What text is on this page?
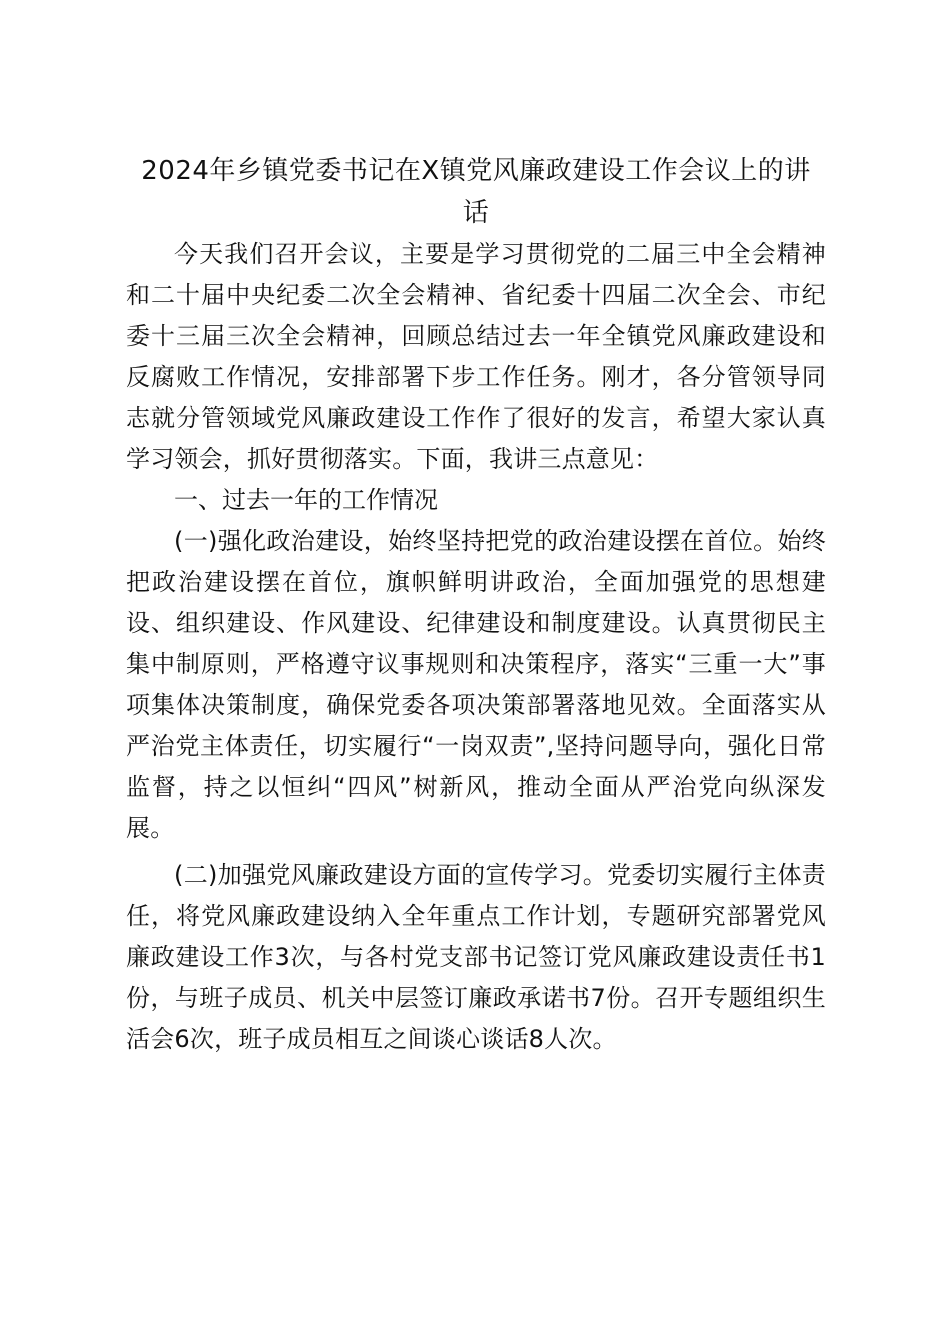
2024年乡镇党委书记在X镇党风廉政建设工作会议上的讲话

今天我们召开会议，主要是学习贯彻党的二届三中全会精神和二十届中央纪委二次全会精神、省纪委十四届二次全会、市纪委十三届三次全会精神，回顾总结过去一年全镇党风廉政建设和反腐败工作情况，安排部署下步工作任务。刚才，各分管领导同志就分管领域党风廉政建设工作作了很好的发言，希望大家认真学习领会，抓好贯彻落实。下面，我讲三点意见：

一、过去一年的工作情况

(一)强化政治建设，始终坚持把党的政治建设摆在首位。始终把政治建设摆在首位，旗帜鲜明讲政治，全面加强党的思想建设、组织建设、作风建设、纪律建设和制度建设。认真贯彻民主集中制原则，严格遵守议事规则和决策程序，落实“三重一大”事项集体决策制度，确保党委各项决策部署落地见效。全面落实从严治党主体责任，切实履行“一岗双责”,坚持问题导向，强化日常监督，持之以恒纠“四风”树新风，推动全面从严治党向纵深发展。

(二)加强党风廉政建设方面的宣传学习。党委切实履行主体责任，将党风廉政建设纳入全年重点工作计划，专题研究部署党风廉政建设工作3次，与各村党支部书记签订党风廉政建设责任书1份，与班子成员、机关中层签订廉政承诺书7份。召开专题组织生活会6次，班子成员相互之间谈心谈话8人次。
